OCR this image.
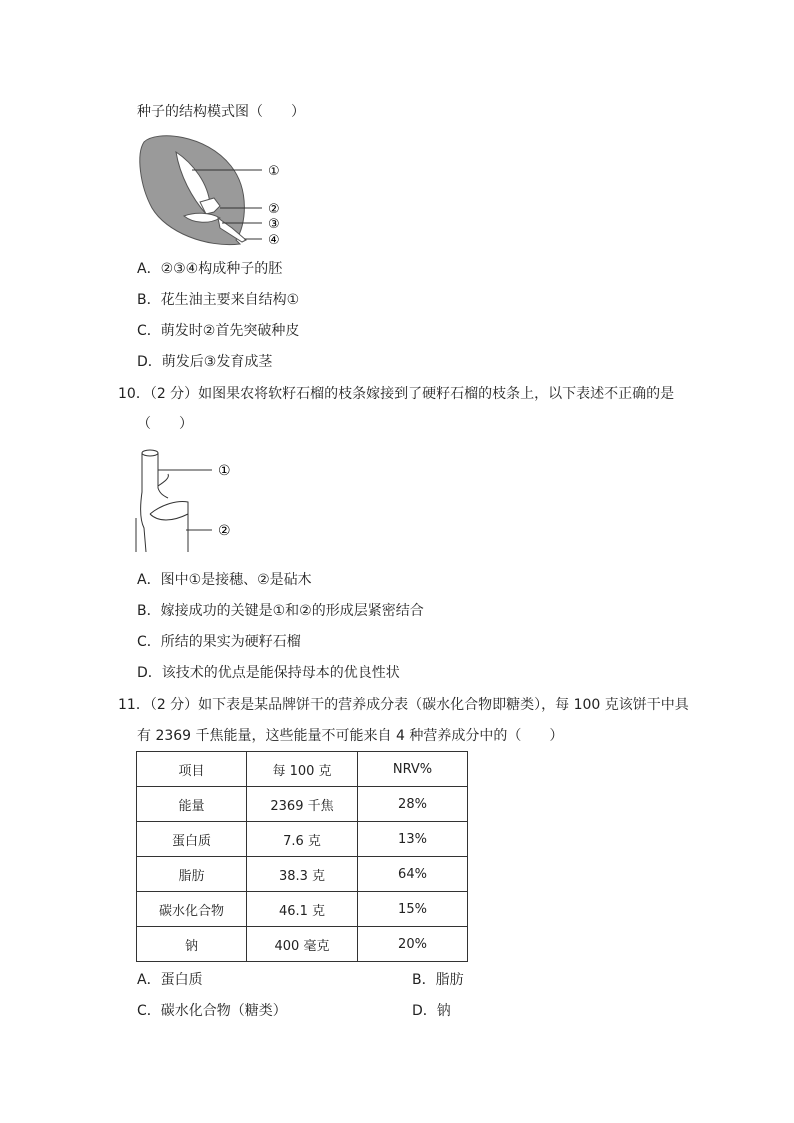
种子的结构模式图（　　）
①
②
③
④
A．②③④构成种子的胚
B．花生油主要来自结构①
C．萌发时②首先突破种皮
D．萌发后③发育成茎
10．（2 分）如图果农将软籽石榴的枝条嫁接到了硬籽石榴的枝条上，以下表述不正确的是
（　　）
①
②
A．图中①是接穗、②是砧木
B．嫁接成功的关键是①和②的形成层紧密结合
C．所结的果实为硬籽石榴
D．该技术的优点是能保持母本的优良性状
11．（2 分）如下表是某品牌饼干的营养成分表（碳水化合物即糖类），每 100 克该饼干中具
有 2369 千焦能量，这些能量不可能来自 4 种营养成分中的（　　）
项目	每 100 克	NRV%
能量	2369 千焦	28%
蛋白质	7.6 克	13%
脂肪	38.3 克	64%
碳水化合物	46.1 克	15%
钠	400 毫克	20%
A．蛋白质	B．脂肪
C．碳水化合物（糖类）	D．钠
